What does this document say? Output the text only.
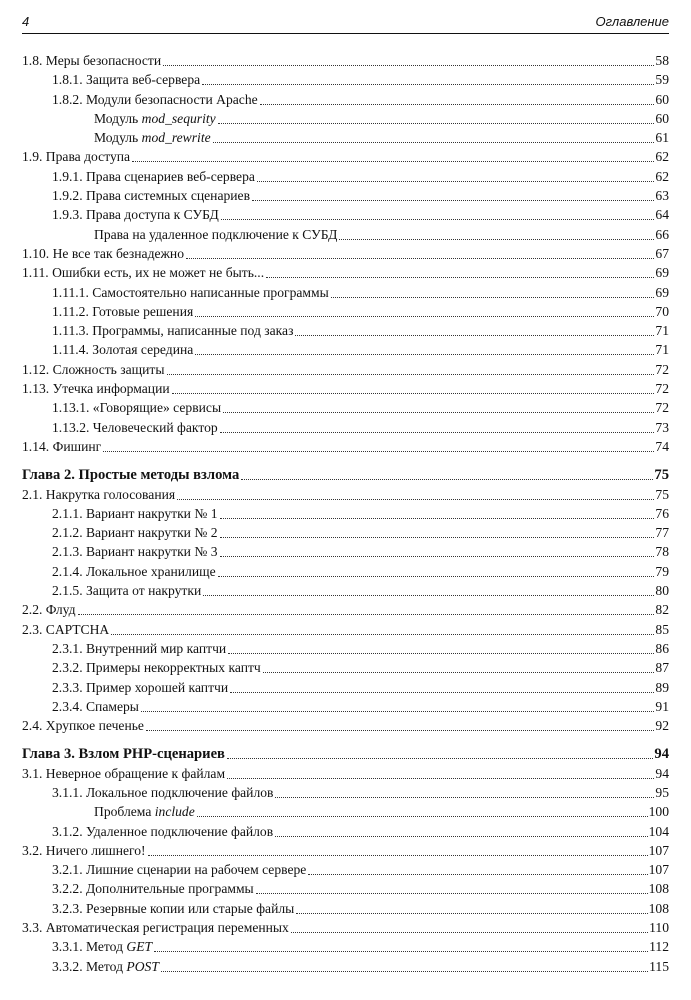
4	Оглавление
1.8. Меры безопасности	58
1.8.1. Защита веб-сервера	59
1.8.2. Модули безопасности Apache	60
Модуль mod_sequrity	60
Модуль mod_rewrite	61
1.9. Права доступа	62
1.9.1. Права сценариев веб-сервера	62
1.9.2. Права системных сценариев	63
1.9.3. Права доступа к СУБД	64
Права на удаленное подключение к СУБД	66
1.10. Не все так безнадежно	67
1.11. Ошибки есть, их не может не быть...	69
1.11.1. Самостоятельно написанные программы	69
1.11.2. Готовые решения	70
1.11.3. Программы, написанные под заказ	71
1.11.4. Золотая середина	71
1.12. Сложность защиты	72
1.13. Утечка информации	72
1.13.1. «Говорящие» сервисы	72
1.13.2. Человеческий фактор	73
1.14. Фишинг	74
Глава 2. Простые методы взлома	75
2.1. Накрутка голосования	75
2.1.1. Вариант накрутки № 1	76
2.1.2. Вариант накрутки № 2	77
2.1.3. Вариант накрутки № 3	78
2.1.4. Локальное хранилище	79
2.1.5. Защита от накрутки	80
2.2. Флуд	82
2.3. CAPTCHA	85
2.3.1. Внутренний мир каптчи	86
2.3.2. Примеры некорректных каптч	87
2.3.3. Пример хорошей каптчи	89
2.3.4. Спамеры	91
2.4. Хрупкое печенье	92
Глава 3. Взлом PHP-сценариев	94
3.1. Неверное обращение к файлам	94
3.1.1. Локальное подключение файлов	95
Проблема include	100
3.1.2. Удаленное подключение файлов	104
3.2. Ничего лишнего!	107
3.2.1. Лишние сценарии на рабочем сервере	107
3.2.2. Дополнительные программы	108
3.2.3. Резервные копии или старые файлы	108
3.3. Автоматическая регистрация переменных	110
3.3.1. Метод GET	112
3.3.2. Метод POST	115
